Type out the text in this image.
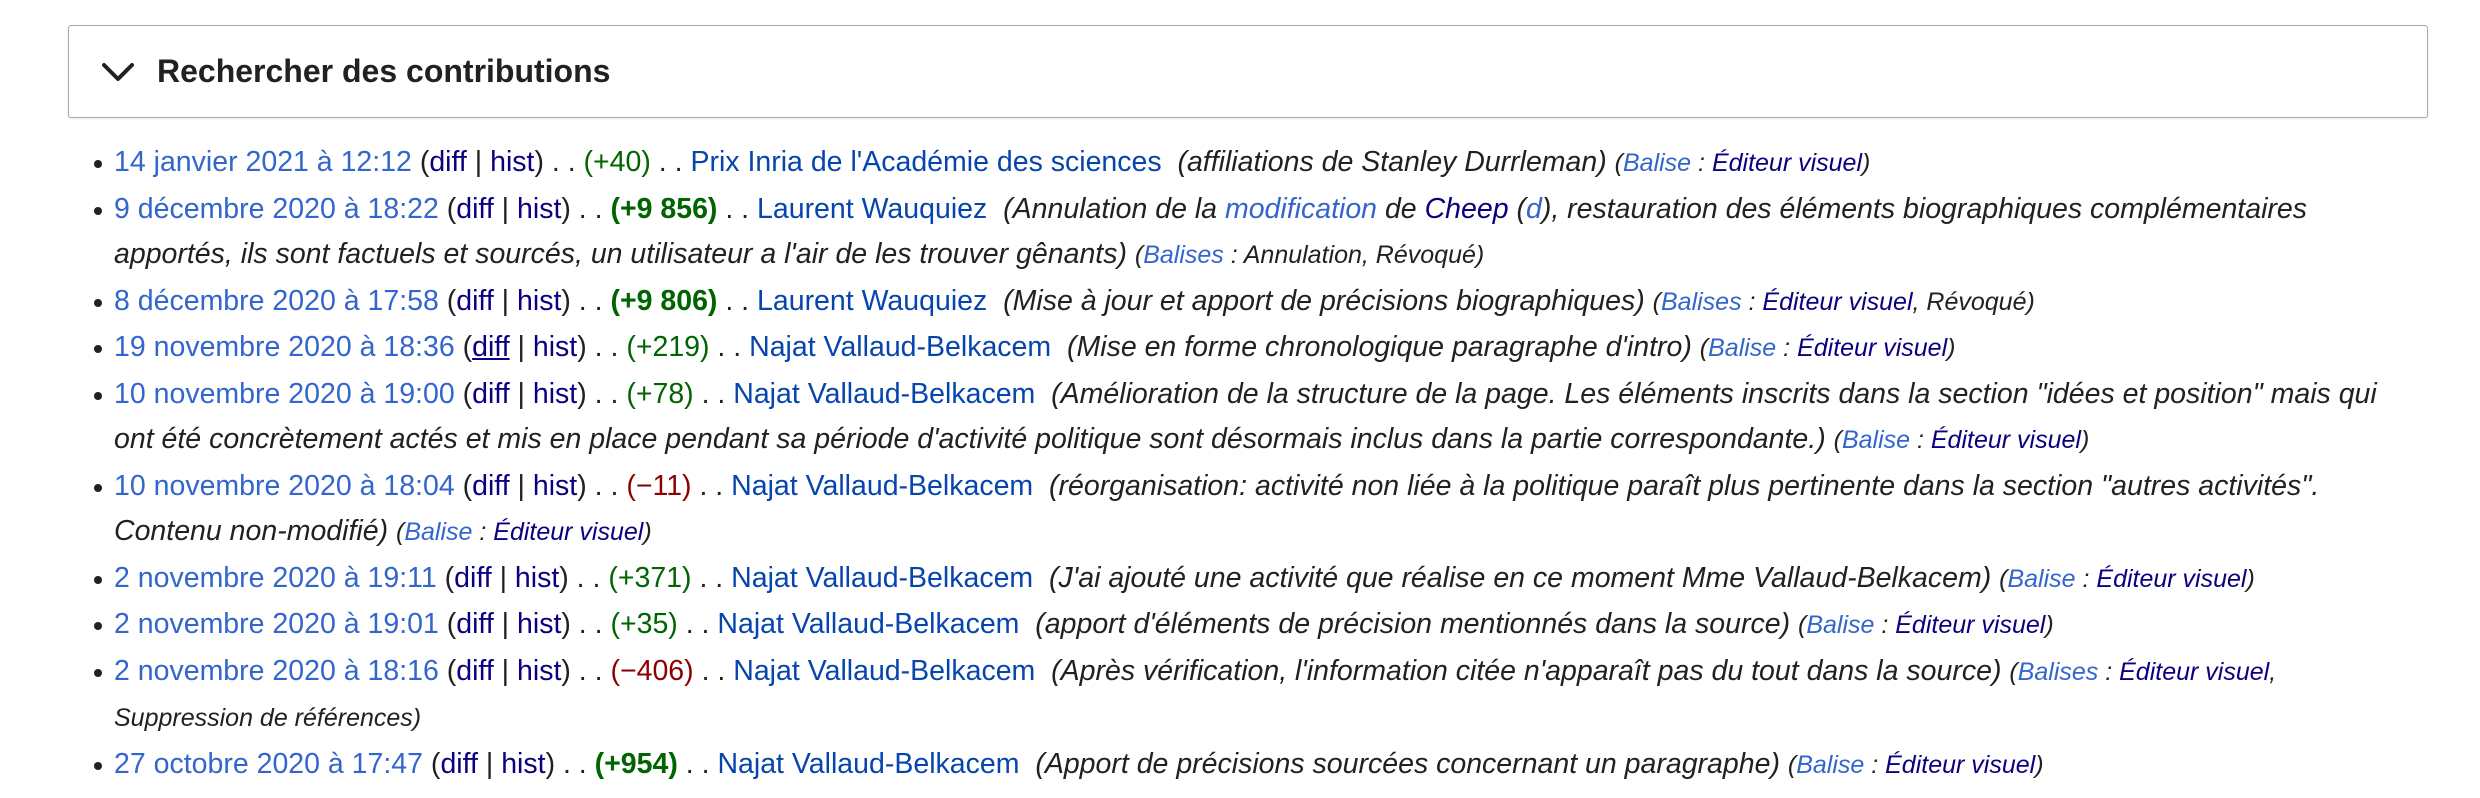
Rechercher des contributions
14 janvier 2021 à 12:12 (diff | hist) . . (+40) . . Prix Inria de l'Académie des sciences (affiliations de Stanley Durrleman) (Balise : Éditeur visuel)
9 décembre 2020 à 18:22 (diff | hist) . . (+9 856) . . Laurent Wauquiez (Annulation de la modification de Cheep (d), restauration des éléments biographiques complémentaires apportés, ils sont factuels et sourcés, un utilisateur a l'air de les trouver gênants) (Balises : Annulation, Révoqué)
8 décembre 2020 à 17:58 (diff | hist) . . (+9 806) . . Laurent Wauquiez (Mise à jour et apport de précisions biographiques) (Balises : Éditeur visuel, Révoqué)
19 novembre 2020 à 18:36 (diff | hist) . . (+219) . . Najat Vallaud-Belkacem (Mise en forme chronologique paragraphe d'intro) (Balise : Éditeur visuel)
10 novembre 2020 à 19:00 (diff | hist) . . (+78) . . Najat Vallaud-Belkacem (Amélioration de la structure de la page. Les éléments inscrits dans la section "idées et position" mais qui ont été concrètement actés et mis en place pendant sa période d'activité politique sont désormais inclus dans la partie correspondante.) (Balise : Éditeur visuel)
10 novembre 2020 à 18:04 (diff | hist) . . (−11) . . Najat Vallaud-Belkacem (réorganisation: activité non liée à la politique paraît plus pertinente dans la section "autres activités". Contenu non-modifié) (Balise : Éditeur visuel)
2 novembre 2020 à 19:11 (diff | hist) . . (+371) . . Najat Vallaud-Belkacem (J'ai ajouté une activité que réalise en ce moment Mme Vallaud-Belkacem) (Balise : Éditeur visuel)
2 novembre 2020 à 19:01 (diff | hist) . . (+35) . . Najat Vallaud-Belkacem (apport d'éléments de précision mentionnés dans la source) (Balise : Éditeur visuel)
2 novembre 2020 à 18:16 (diff | hist) . . (−406) . . Najat Vallaud-Belkacem (Après vérification, l'information citée n'apparaît pas du tout dans la source) (Balises : Éditeur visuel, Suppression de références)
27 octobre 2020 à 17:47 (diff | hist) . . (+954) . . Najat Vallaud-Belkacem (Apport de précisions sourcées concernant un paragraphe) (Balise : Éditeur visuel)
